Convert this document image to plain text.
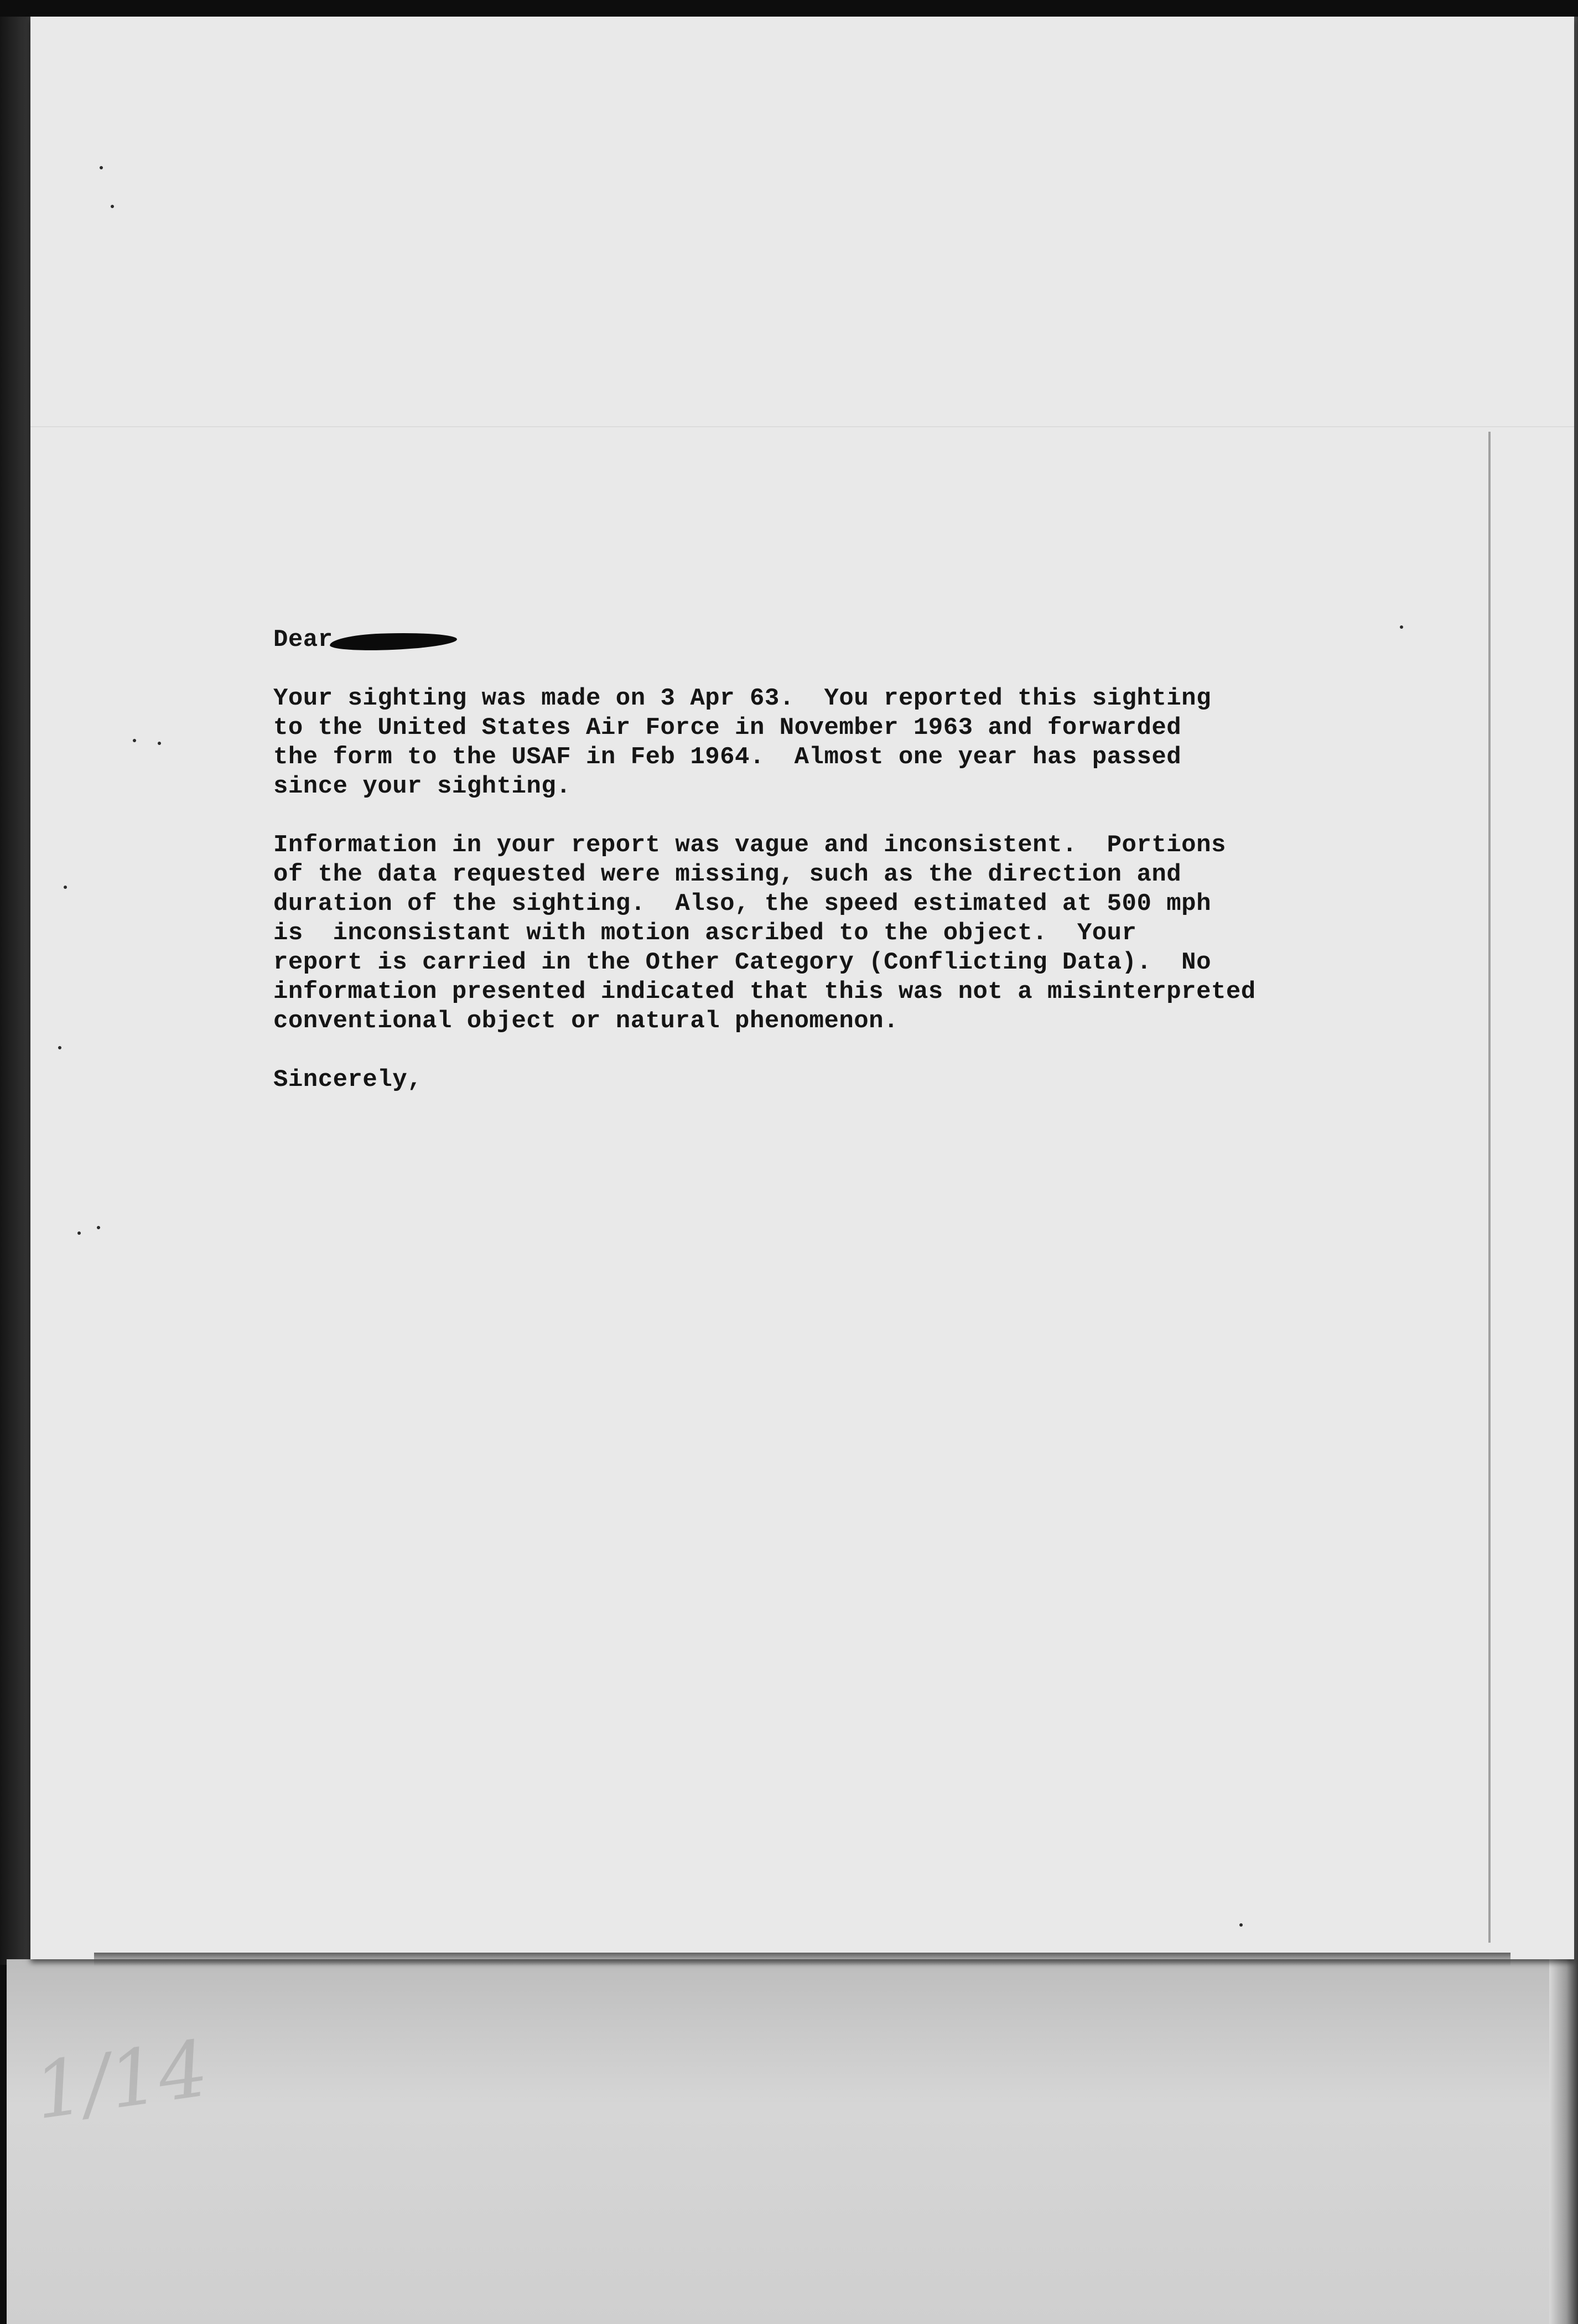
1/14
Dear
Your sighting was made on 3 Apr 63.  You reported this sighting
to the United States Air Force in November 1963 and forwarded
the form to the USAF in Feb 1964.  Almost one year has passed
since your sighting.
Information in your report was vague and inconsistent.  Portions
of the data requested were missing, such as the direction and
duration of the sighting.  Also, the speed estimated at 500 mph
is  inconsistant with motion ascribed to the object.  Your
report is carried in the Other Category (Conflicting Data).  No
information presented indicated that this was not a misinterpreted
conventional object or natural phenomenon.
Sincerely,
